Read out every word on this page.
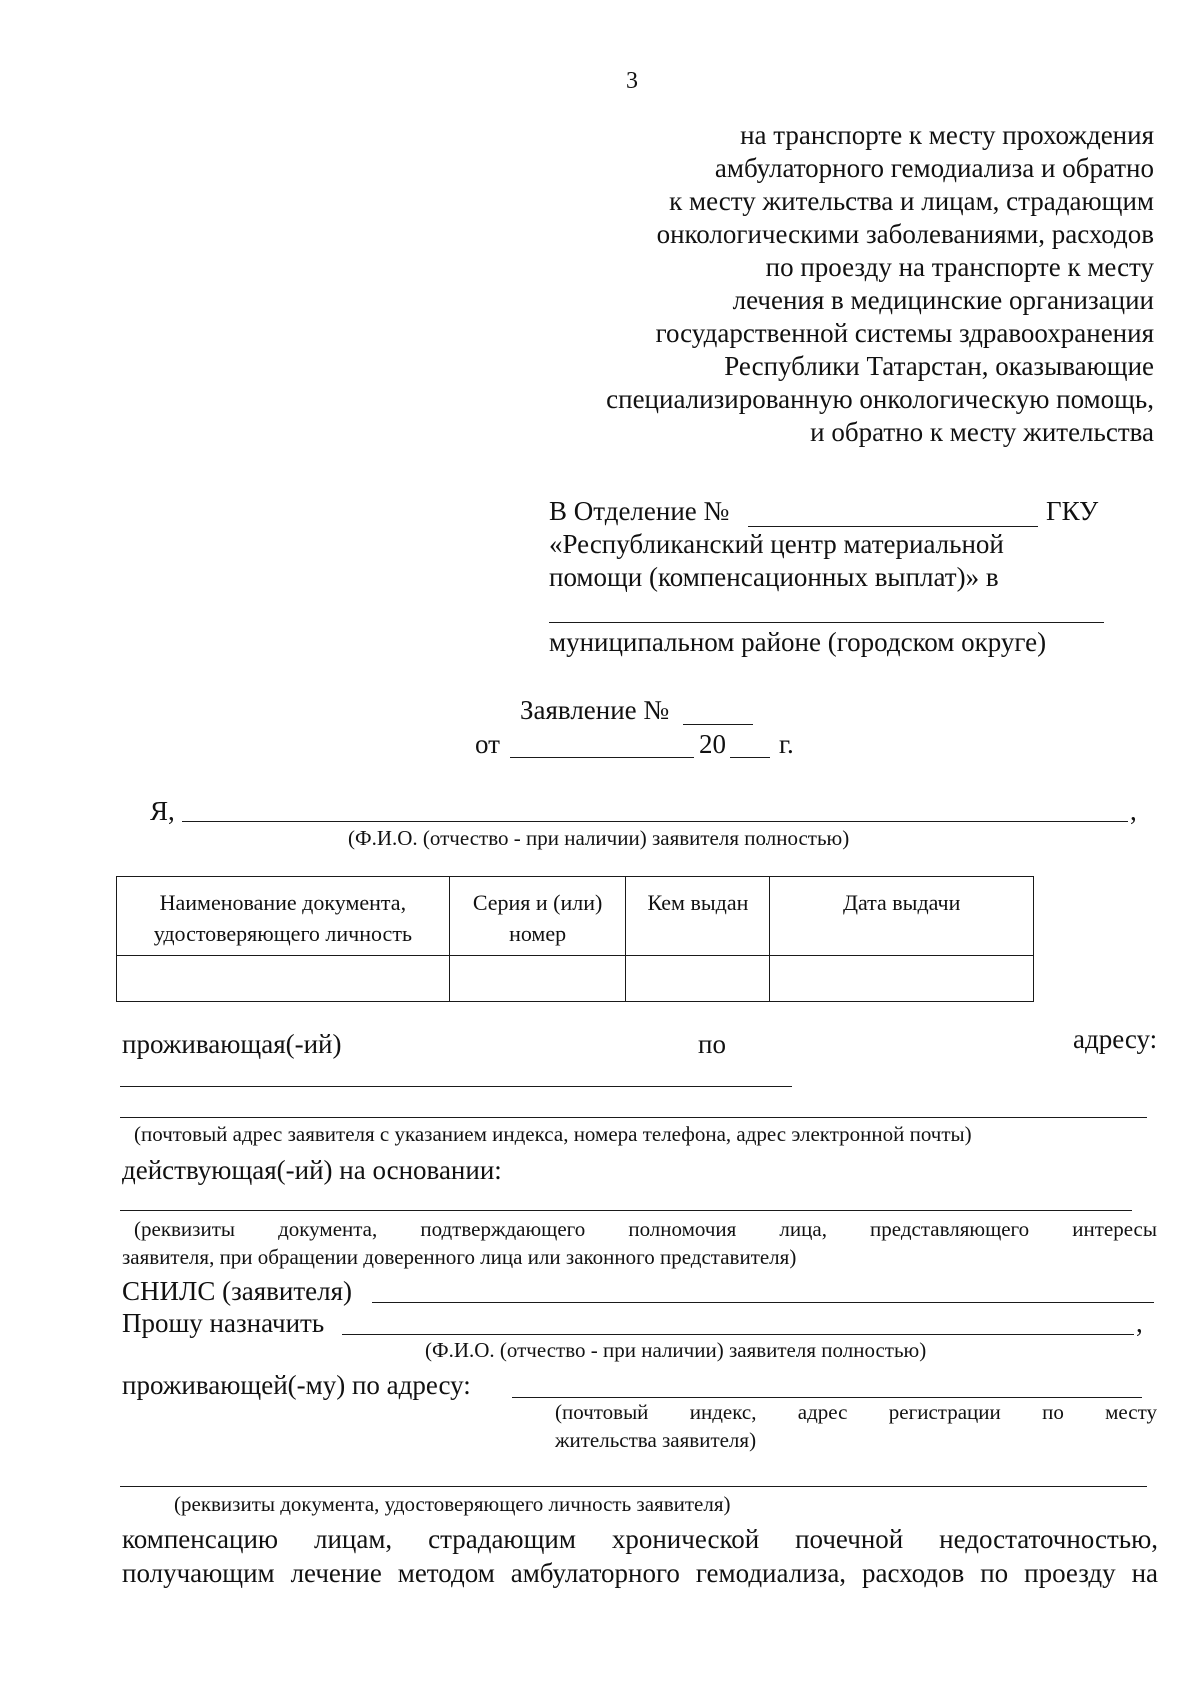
3
на транспорте к месту прохождения
амбулаторного гемодиализа и обратно
к месту жительства и лицам, страдающим
онкологическими заболеваниями, расходов
по проезду на транспорте к месту
лечения в медицинские организации
государственной системы здравоохранения
Республики Татарстан, оказывающие
специализированную онкологическую помощь,
и обратно к месту жительства
В Отделение №	ГКУ
«Республиканский центр материальной
помощи (компенсационных выплат)» в
муниципальном районе (городском округе)
Заявление №
от	20 г.
Я,	,
(Ф.И.О. (отчество - при наличии) заявителя полностью)
Наименование документа, удостоверяющего личность	Серия и (или) номер	Кем выдан	Дата выдачи

проживающая(-ий)	по	адресу:
(почтовый адрес заявителя с указанием индекса, номера телефона, адрес электронной почты)
действующая(-ий) на основании:
(реквизиты документа, подтверждающего полномочия лица, представляющего интересы
заявителя, при обращении доверенного лица или законного представителя)
СНИЛС (заявителя)
Прошу назначить	,
(Ф.И.О. (отчество - при наличии) заявителя полностью)
проживающей(-му) по адресу:
(почтовый индекс, адрес регистрации по месту
жительства заявителя)
(реквизиты документа, удостоверяющего личность заявителя)
компенсацию лицам, страдающим хронической почечной недостаточностью,
получающим лечение методом амбулаторного гемодиализа, расходов по проезду на
